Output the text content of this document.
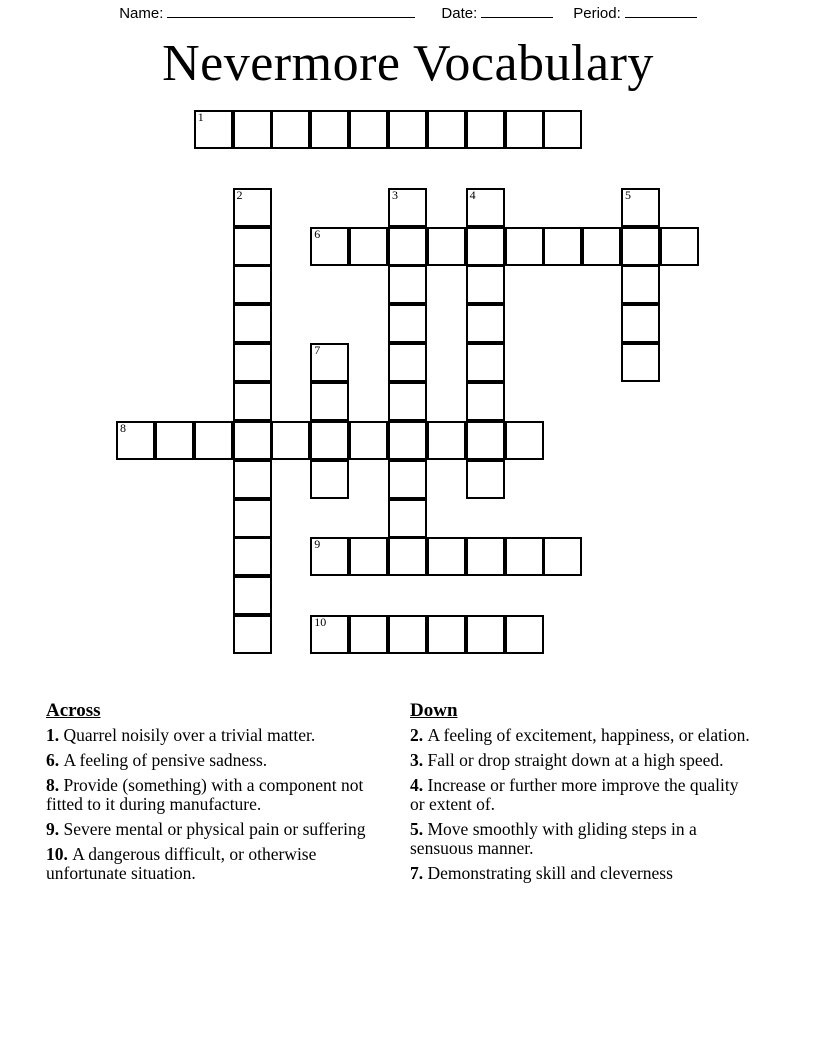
Name:	Date:	Period:
Nevermore Vocabulary
1
2	3	4	5
6
7
8
9
10
Across
1. Quarrel noisily over a trivial matter.
6. A feeling of pensive sadness.
8. Provide (something) with a component not fitted to it during manufacture.
9. Severe mental or physical pain or suffering
10. A dangerous difficult, or otherwise unfortunate situation.
Down
2. A feeling of excitement, happiness, or elation.
3. Fall or drop straight down at a high speed.
4. Increase or further more improve the quality or extent of.
5. Move smoothly with gliding steps in a sensuous manner.
7. Demonstrating skill and cleverness
